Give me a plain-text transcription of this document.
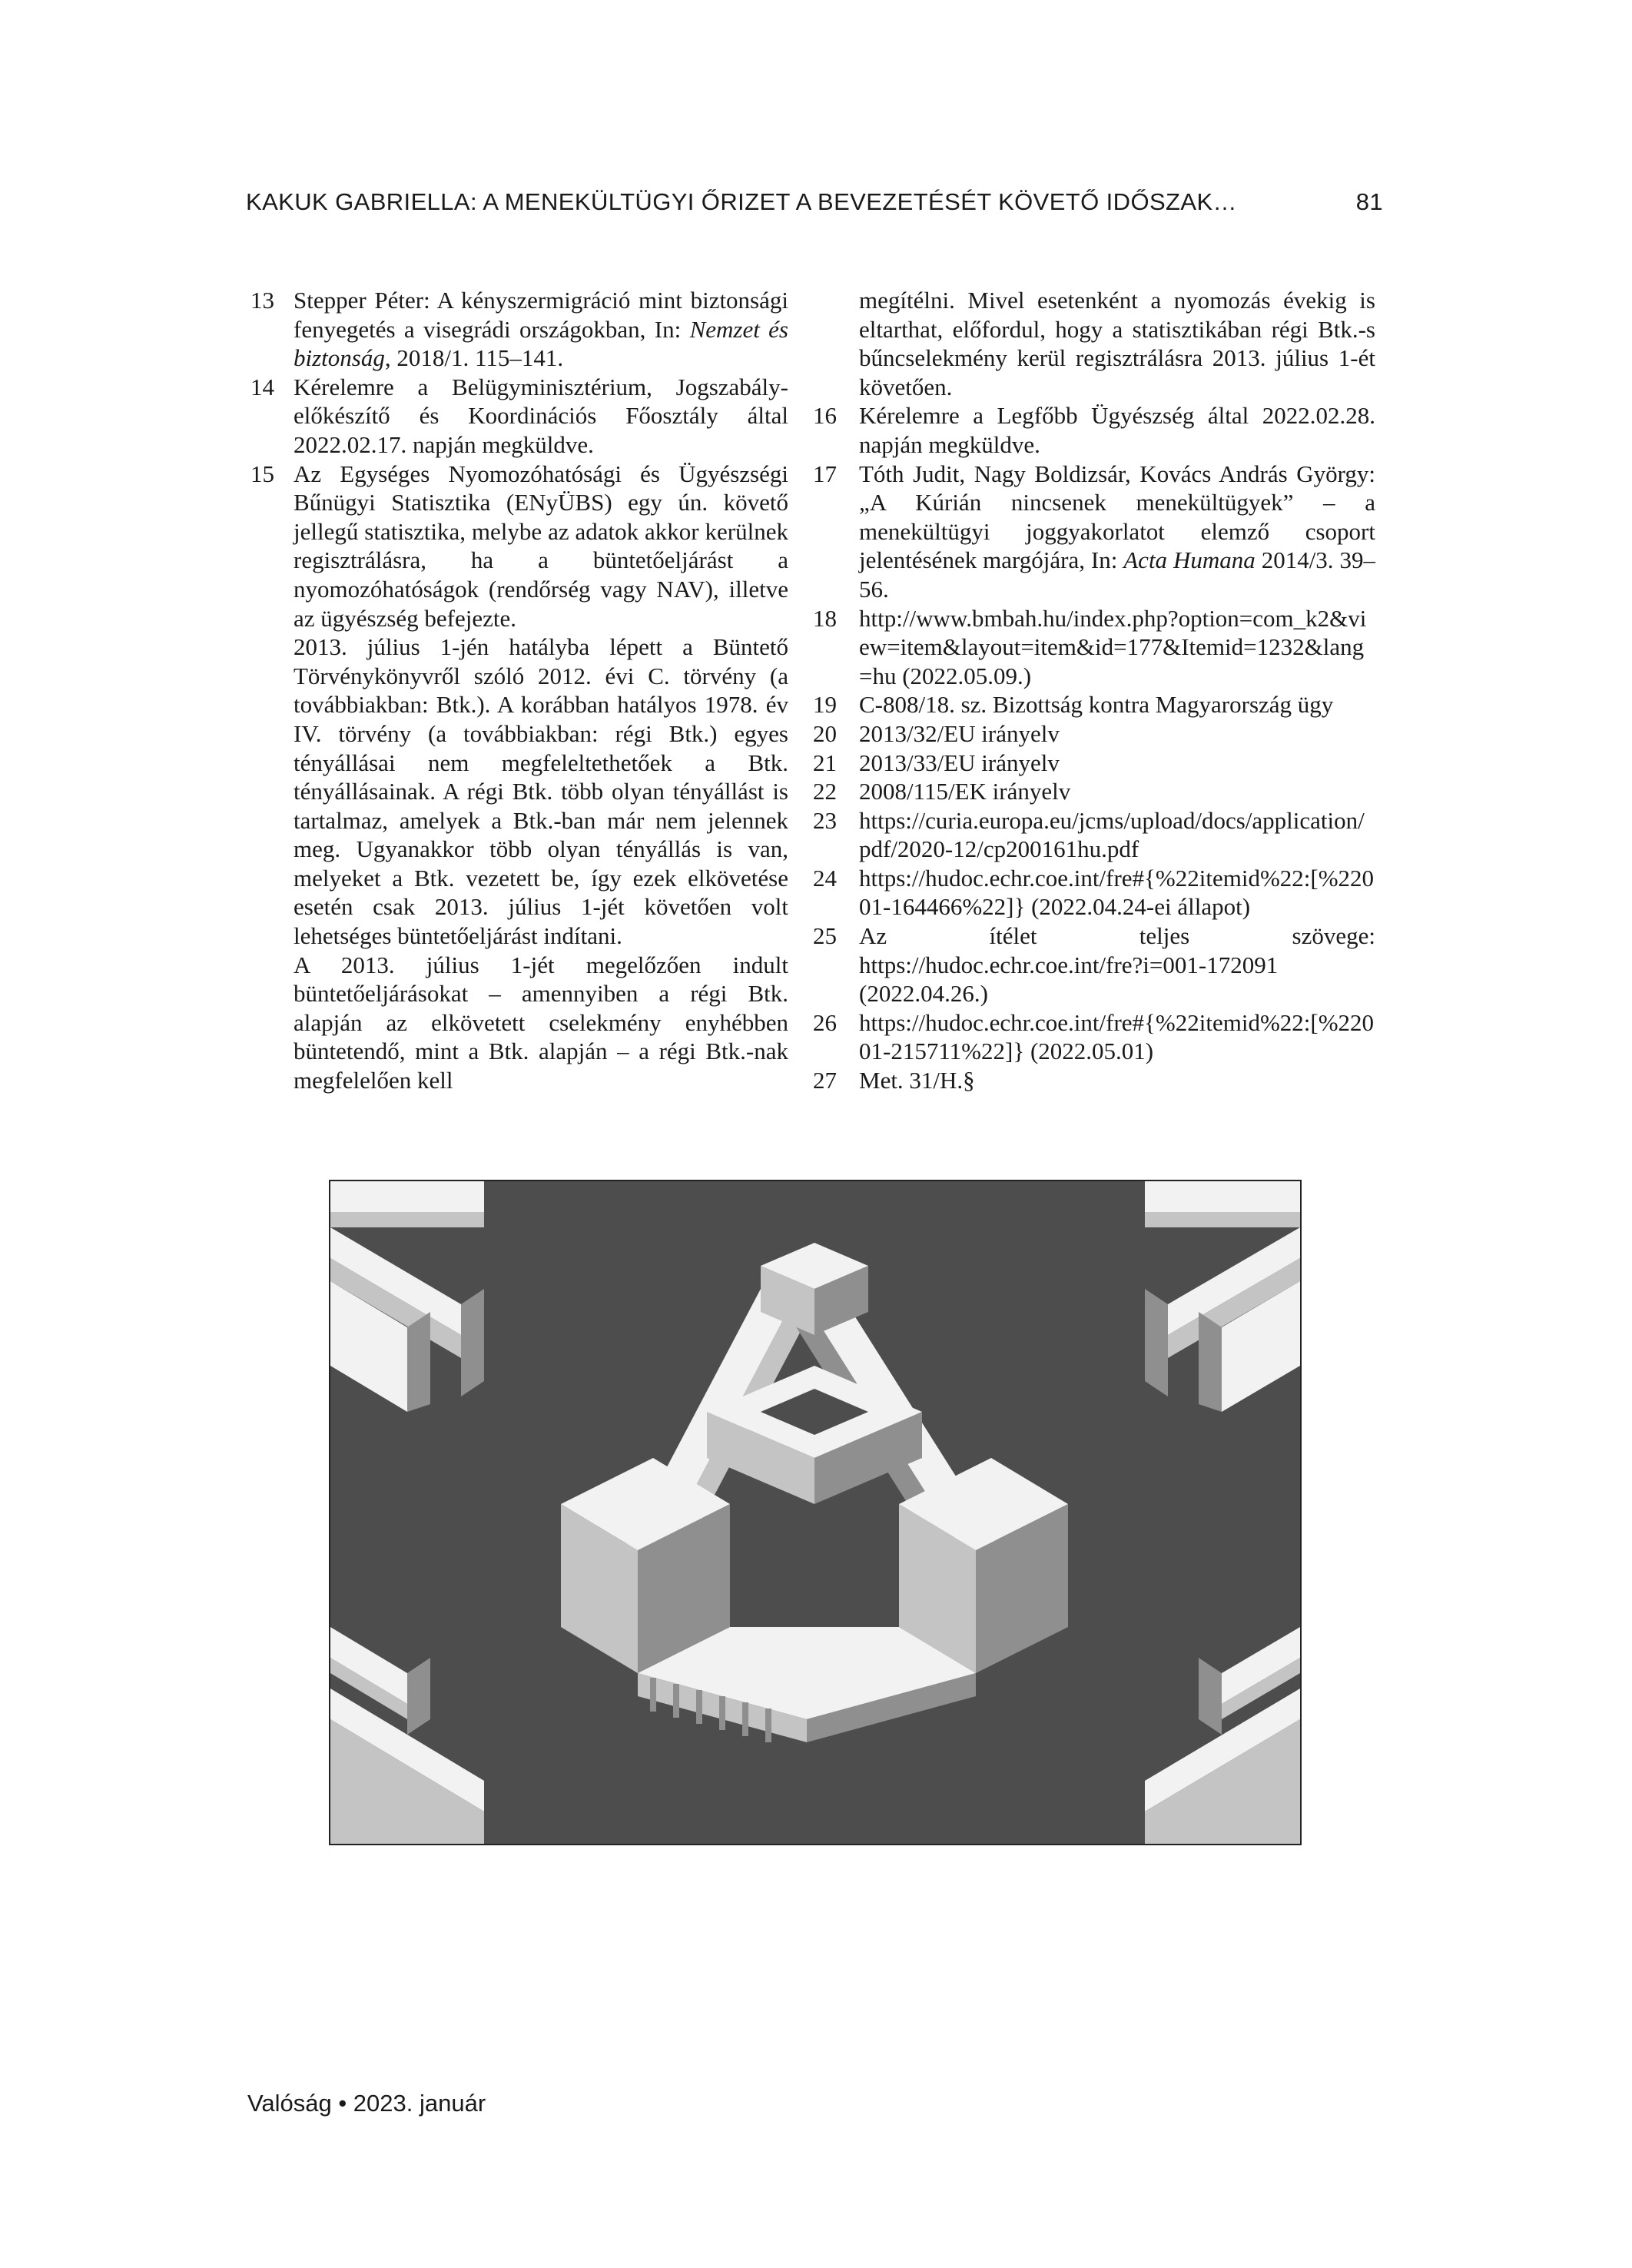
KAKUK GABRIELLA: A MENEKÜLTÜGYI ŐRIZET A BEVEZETÉSÉT KÖVETŐ IDŐSZAK…	81
13 Stepper Péter: A kényszermigráció mint biztonsági fenyegetés a visegrádi országokban, In: Nemzet és biztonság, 2018/1. 115–141.

14 Kérelemre a Belügyminisztérium, Jogszabály-előkészítő és Koordinációs Főosztály által 2022.02.17. napján megküldve.

15 Az Egységes Nyomozóhatósági és Ügyészségi Bűnügyi Statisztika (ENyÜBS) egy ún. követő jellegű statisztika, melybe az adatok akkor kerülnek regisztrálásra, ha a büntetőeljárást a nyomozóhatóságok (rendőrség vagy NAV), illetve az ügyészség befejezte.

2013. július 1-jén hatályba lépett a Büntető Törvénykönyvről szóló 2012. évi C. törvény (a továbbiakban: Btk.). A korábban hatályos 1978. év IV. törvény (a továbbiakban: régi Btk.) egyes tényállásai nem megfeleltethetőek a Btk. tényállásainak. A régi Btk. több olyan tényállást is tartalmaz, amelyek a Btk.-ban már nem jelennek meg. Ugyanakkor több olyan tényállás is van, melyeket a Btk. vezetett be, így ezek elkövetése esetén csak 2013. július 1-jét követően volt lehetséges büntetőeljárást indítani.

A 2013. július 1-jét megelőzően indult büntetőeljárásokat – amennyiben a régi Btk. alapján az elkövetett cselekmény enyhébben büntetendő, mint a Btk. alapján – a régi Btk.-nak megfelelően kell

megítélni. Mivel esetenként a nyomozás évekig is eltarthat, előfordul, hogy a statisztikában régi Btk.-s bűncselekmény kerül regisztrálásra 2013. július 1-ét követően.

16 Kérelemre a Legfőbb Ügyészség által 2022.02.28. napján megküldve.

17 Tóth Judit, Nagy Boldizsár, Kovács András György: „A Kúrián nincsenek menekültügyek” – a menekültügyi joggyakorlatot elemző csoport jelentésének margójára, In: Acta Humana 2014/3. 39–56.

18 http://www.bmbah.hu/index.php?option=com_k2&view=item&layout=item&id=177&Itemid=1232&lang=hu (2022.05.09.)

19 C-808/18. sz. Bizottság kontra Magyarország ügy

20 2013/32/EU irányelv

21 2013/33/EU irányelv

22 2008/115/EK irányelv

23 https://curia.europa.eu/jcms/upload/docs/application/pdf/2020-12/cp200161hu.pdf

24 https://hudoc.echr.coe.int/fre#{%22itemid%22:[%22001-164466%22]} (2022.04.24-ei állapot)

25 Az ítélet teljes szövege: https://hudoc.echr.coe.int/fre?i=001-172091 (2022.04.26.)

26 https://hudoc.echr.coe.int/fre#{%22itemid%22:[%22001-215711%22]} (2022.05.01)

27 Met. 31/H.§

Valóság • 2023. január
